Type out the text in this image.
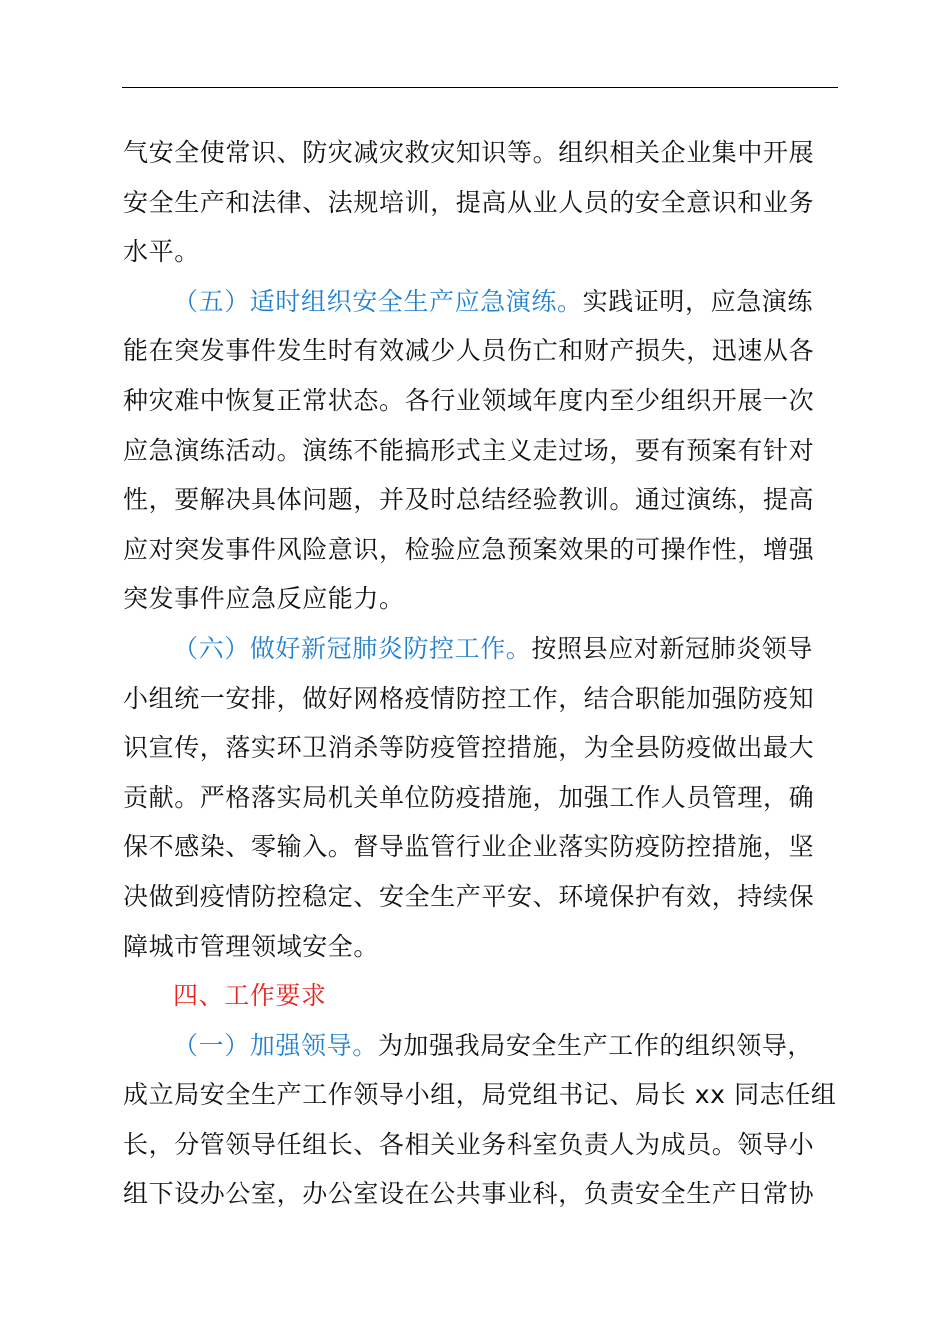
气安全使常识、防灾减灾救灾知识等。组织相关企业集中开展
安全生产和法律、法规培训，提高从业人员的安全意识和业务
水平。
（五）适时组织安全生产应急演练。实践证明，应急演练
能在突发事件发生时有效减少人员伤亡和财产损失，迅速从各
种灾难中恢复正常状态。各行业领域年度内至少组织开展一次
应急演练活动。演练不能搞形式主义走过场，要有预案有针对
性，要解决具体问题，并及时总结经验教训。通过演练，提高
应对突发事件风险意识，检验应急预案效果的可操作性，增强
突发事件应急反应能力。
（六）做好新冠肺炎防控工作。按照县应对新冠肺炎领导
小组统一安排，做好网格疫情防控工作，结合职能加强防疫知
识宣传，落实环卫消杀等防疫管控措施，为全县防疫做出最大
贡献。严格落实局机关单位防疫措施，加强工作人员管理，确
保不感染、零输入。督导监管行业企业落实防疫防控措施，坚
决做到疫情防控稳定、安全生产平安、环境保护有效，持续保
障城市管理领域安全。
四、工作要求
（一）加强领导。为加强我局安全生产工作的组织领导，
成立局安全生产工作领导小组，局党组书记、局长 xx 同志任组
长，分管领导任组长、各相关业务科室负责人为成员。领导小
组下设办公室，办公室设在公共事业科，负责安全生产日常协
